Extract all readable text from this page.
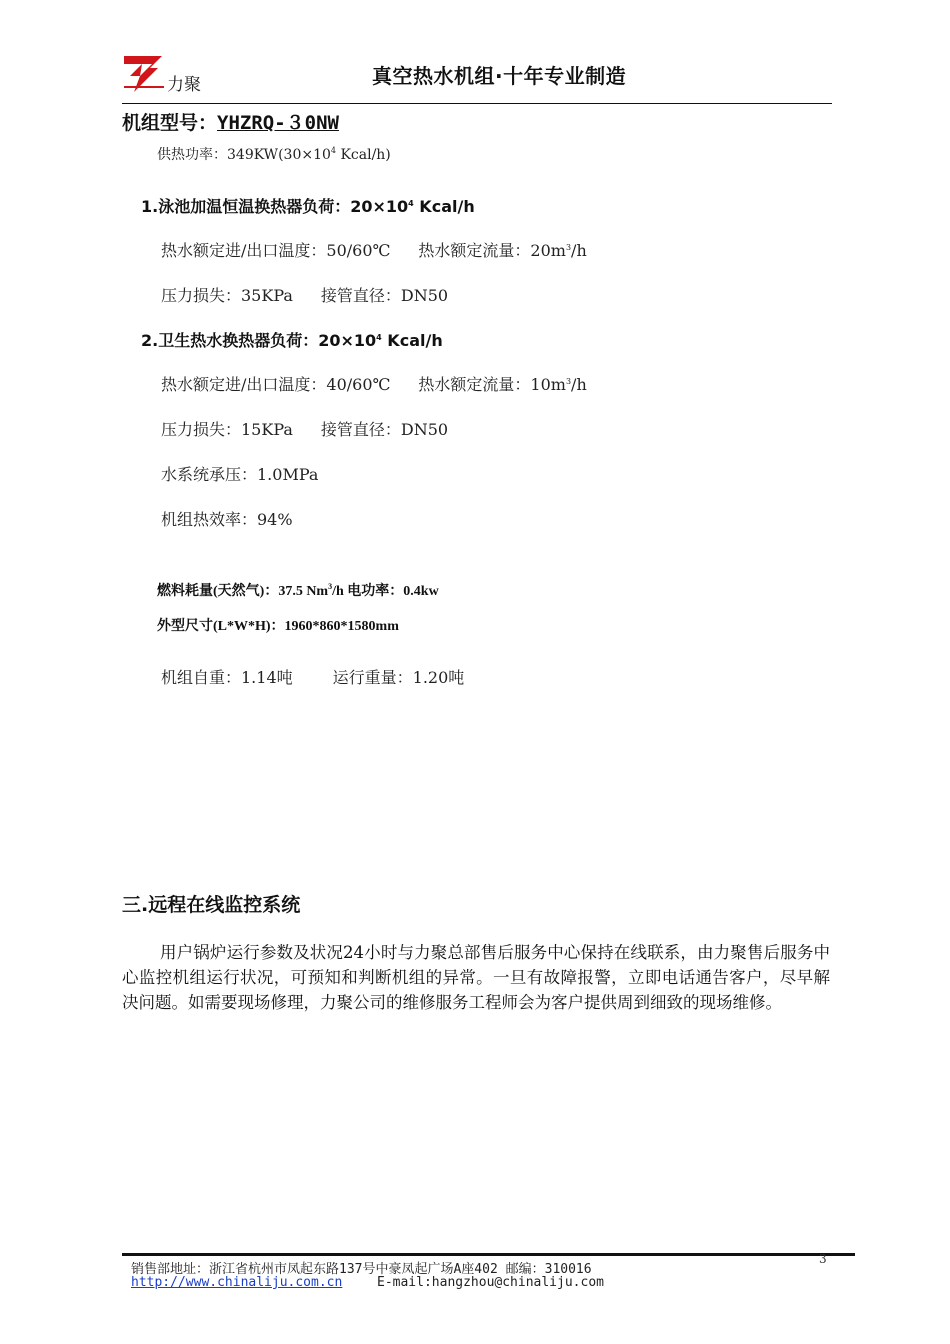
力聚	真空热水机组·十年专业制造
机组型号：YHZRQ-３0NW
供热功率：$349KW(30\times 10^4$ Kcal/h)
1.泳池加温恒温换热器负荷：$20\times 10^4$ Kcal/h
热水额定进/出口温度：50/60℃ 热水额定流量：$20m^3/h$
压力损失：35KPa 接管直径：DN50
2.卫生热水换热器负荷：$20\times 10^4$ Kcal/h
热水额定进/出口温度：40/60℃ 热水额定流量：$10m^3/h$
压力损失：15KPa 接管直径：DN50
水系统承压：1.0MPa
机组热效率：94%
燃料耗量(天然气)：37.5 Nm$^3$/h 电功率：0.4kw
外型尺寸(L*W*H)：1960*860*1580mm
机组自重：1.14吨	运行重量：1.20吨
三.远程在线监控系统
用户锅炉运行参数及状况24小时与力聚总部售后服务中心保持在线联系，由力聚售后服务中心监控机组运行状况，可预知和判断机组的异常。一旦有故障报警，立即电话通告客户，尽早解决问题。如需要现场修理，力聚公司的维修服务工程师会为客户提供周到细致的现场维修。
3
销售部地址：浙江省杭州市凤起东路137号中豪凤起广场A座402 邮编：310016
http://www.chinaliju.com.cn	E-mail:hangzhou@chinaliju.com
